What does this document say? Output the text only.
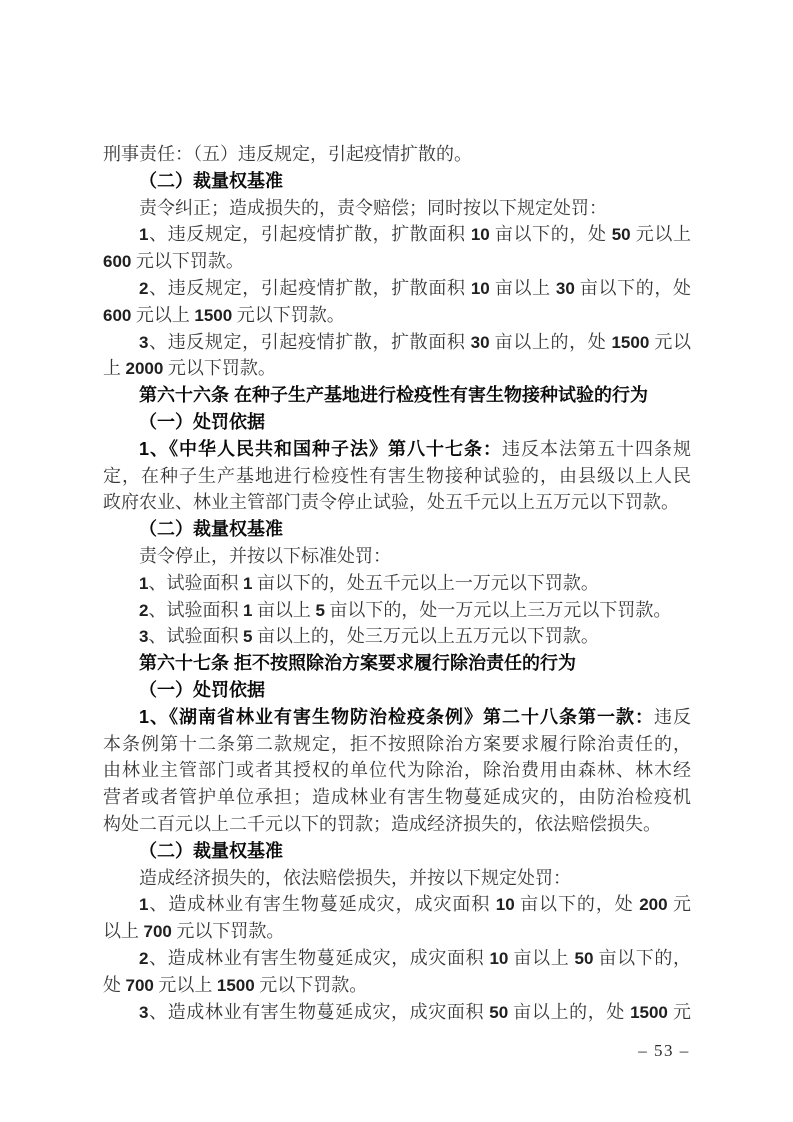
刑事责任：（五）违反规定，引起疫情扩散的。
（二）裁量权基准
责令纠正；造成损失的，责令赔偿；同时按以下规定处罚：
1、违反规定，引起疫情扩散，扩散面积 10 亩以下的，处 50 元以上
600 元以下罚款。
2、违反规定，引起疫情扩散，扩散面积 10 亩以上 30 亩以下的，处
600 元以上 1500 元以下罚款。
3、违反规定，引起疫情扩散，扩散面积 30 亩以上的，处 1500 元以
上 2000 元以下罚款。
第六十六条 在种子生产基地进行检疫性有害生物接种试验的行为
（一）处罚依据
1、《中华人民共和国种子法》第八十七条：违反本法第五十四条规
定，在种子生产基地进行检疫性有害生物接种试验的，由县级以上人民
政府农业、林业主管部门责令停止试验，处五千元以上五万元以下罚款。
（二）裁量权基准
责令停止，并按以下标准处罚：
1、试验面积 1 亩以下的，处五千元以上一万元以下罚款。
2、试验面积 1 亩以上 5 亩以下的，处一万元以上三万元以下罚款。
3、试验面积 5 亩以上的，处三万元以上五万元以下罚款。
第六十七条 拒不按照除治方案要求履行除治责任的行为
（一）处罚依据
1、《湖南省林业有害生物防治检疫条例》第二十八条第一款：违反
本条例第十二条第二款规定，拒不按照除治方案要求履行除治责任的，
由林业主管部门或者其授权的单位代为除治，除治费用由森林、林木经
营者或者管护单位承担；造成林业有害生物蔓延成灾的，由防治检疫机
构处二百元以上二千元以下的罚款；造成经济损失的，依法赔偿损失。
（二）裁量权基准
造成经济损失的，依法赔偿损失，并按以下规定处罚：
1、造成林业有害生物蔓延成灾，成灾面积 10 亩以下的，处 200 元
以上 700 元以下罚款。
2、造成林业有害生物蔓延成灾，成灾面积 10 亩以上 50 亩以下的，
处 700 元以上 1500 元以下罚款。
3、造成林业有害生物蔓延成灾，成灾面积 50 亩以上的，处 1500 元
– 53 –
